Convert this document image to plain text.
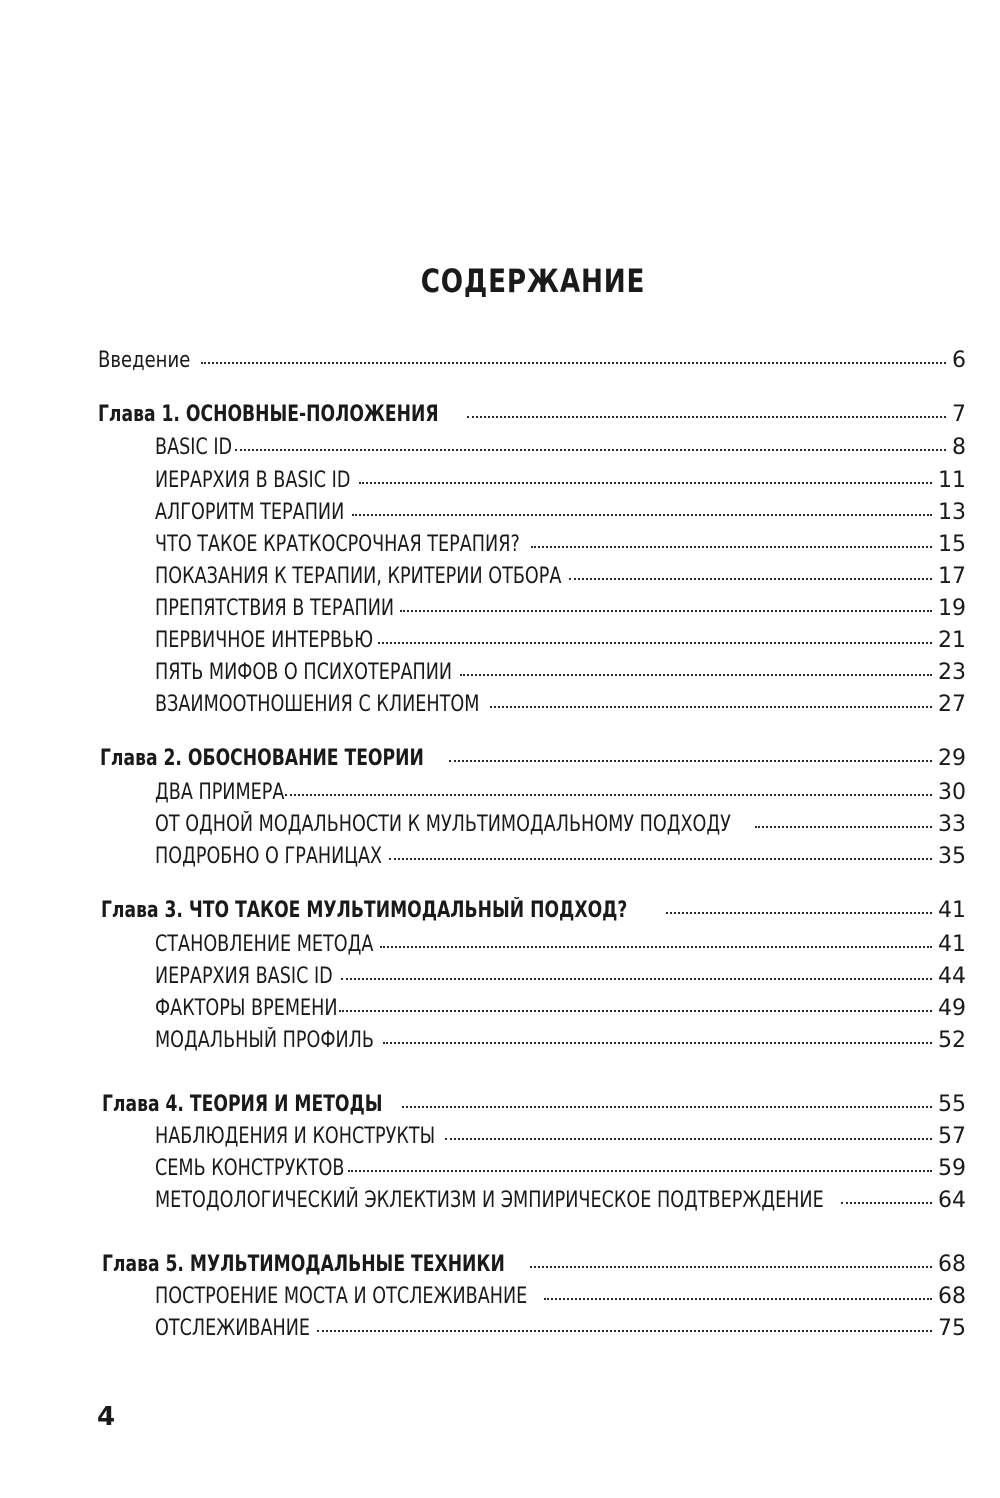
СОДЕРЖАНИЕ
Введение	6
Глава 1. ОСНОВНЫЕ-ПОЛОЖЕНИЯ	7
BASIC ID	8
ИЕРАРХИЯ В BASIC ID	11
АЛГОРИТМ ТЕРАПИИ	13
ЧТО ТАКОЕ КРАТКОСРОЧНАЯ ТЕРАПИЯ?	15
ПОКАЗАНИЯ К ТЕРАПИИ, КРИТЕРИИ ОТБОРА	17
ПРЕПЯТСТВИЯ В ТЕРАПИИ	19
ПЕРВИЧНОЕ ИНТЕРВЬЮ	21
ПЯТЬ МИФОВ О ПСИХОТЕРАПИИ	23
ВЗАИМООТНОШЕНИЯ С КЛИЕНТОМ	27
Глава 2. ОБОСНОВАНИЕ ТЕОРИИ	29
ДВА ПРИМЕРА	30
ОТ ОДНОЙ МОДАЛЬНОСТИ К МУЛЬТИМОДАЛЬНОМУ ПОДХОДУ	33
ПОДРОБНО О ГРАНИЦАХ	35
Глава 3. ЧТО ТАКОЕ МУЛЬТИМОДАЛЬНЫЙ ПОДХОД?	41
СТАНОВЛЕНИЕ МЕТОДА	41
ИЕРАРХИЯ BASIC ID	44
ФАКТОРЫ ВРЕМЕНИ	49
МОДАЛЬНЫЙ ПРОФИЛЬ	52
Глава 4. ТЕОРИЯ И МЕТОДЫ	55
НАБЛЮДЕНИЯ И КОНСТРУКТЫ	57
СЕМЬ КОНСТРУКТОВ	59
МЕТОДОЛОГИЧЕСКИЙ ЭКЛЕКТИЗМ И ЭМПИРИЧЕСКОЕ ПОДТВЕРЖДЕНИЕ	64
Глава 5. МУЛЬТИМОДАЛЬНЫЕ ТЕХНИКИ	68
ПОСТРОЕНИЕ МОСТА И ОТСЛЕЖИВАНИЕ	68
ОТСЛЕЖИВАНИЕ	75
4
